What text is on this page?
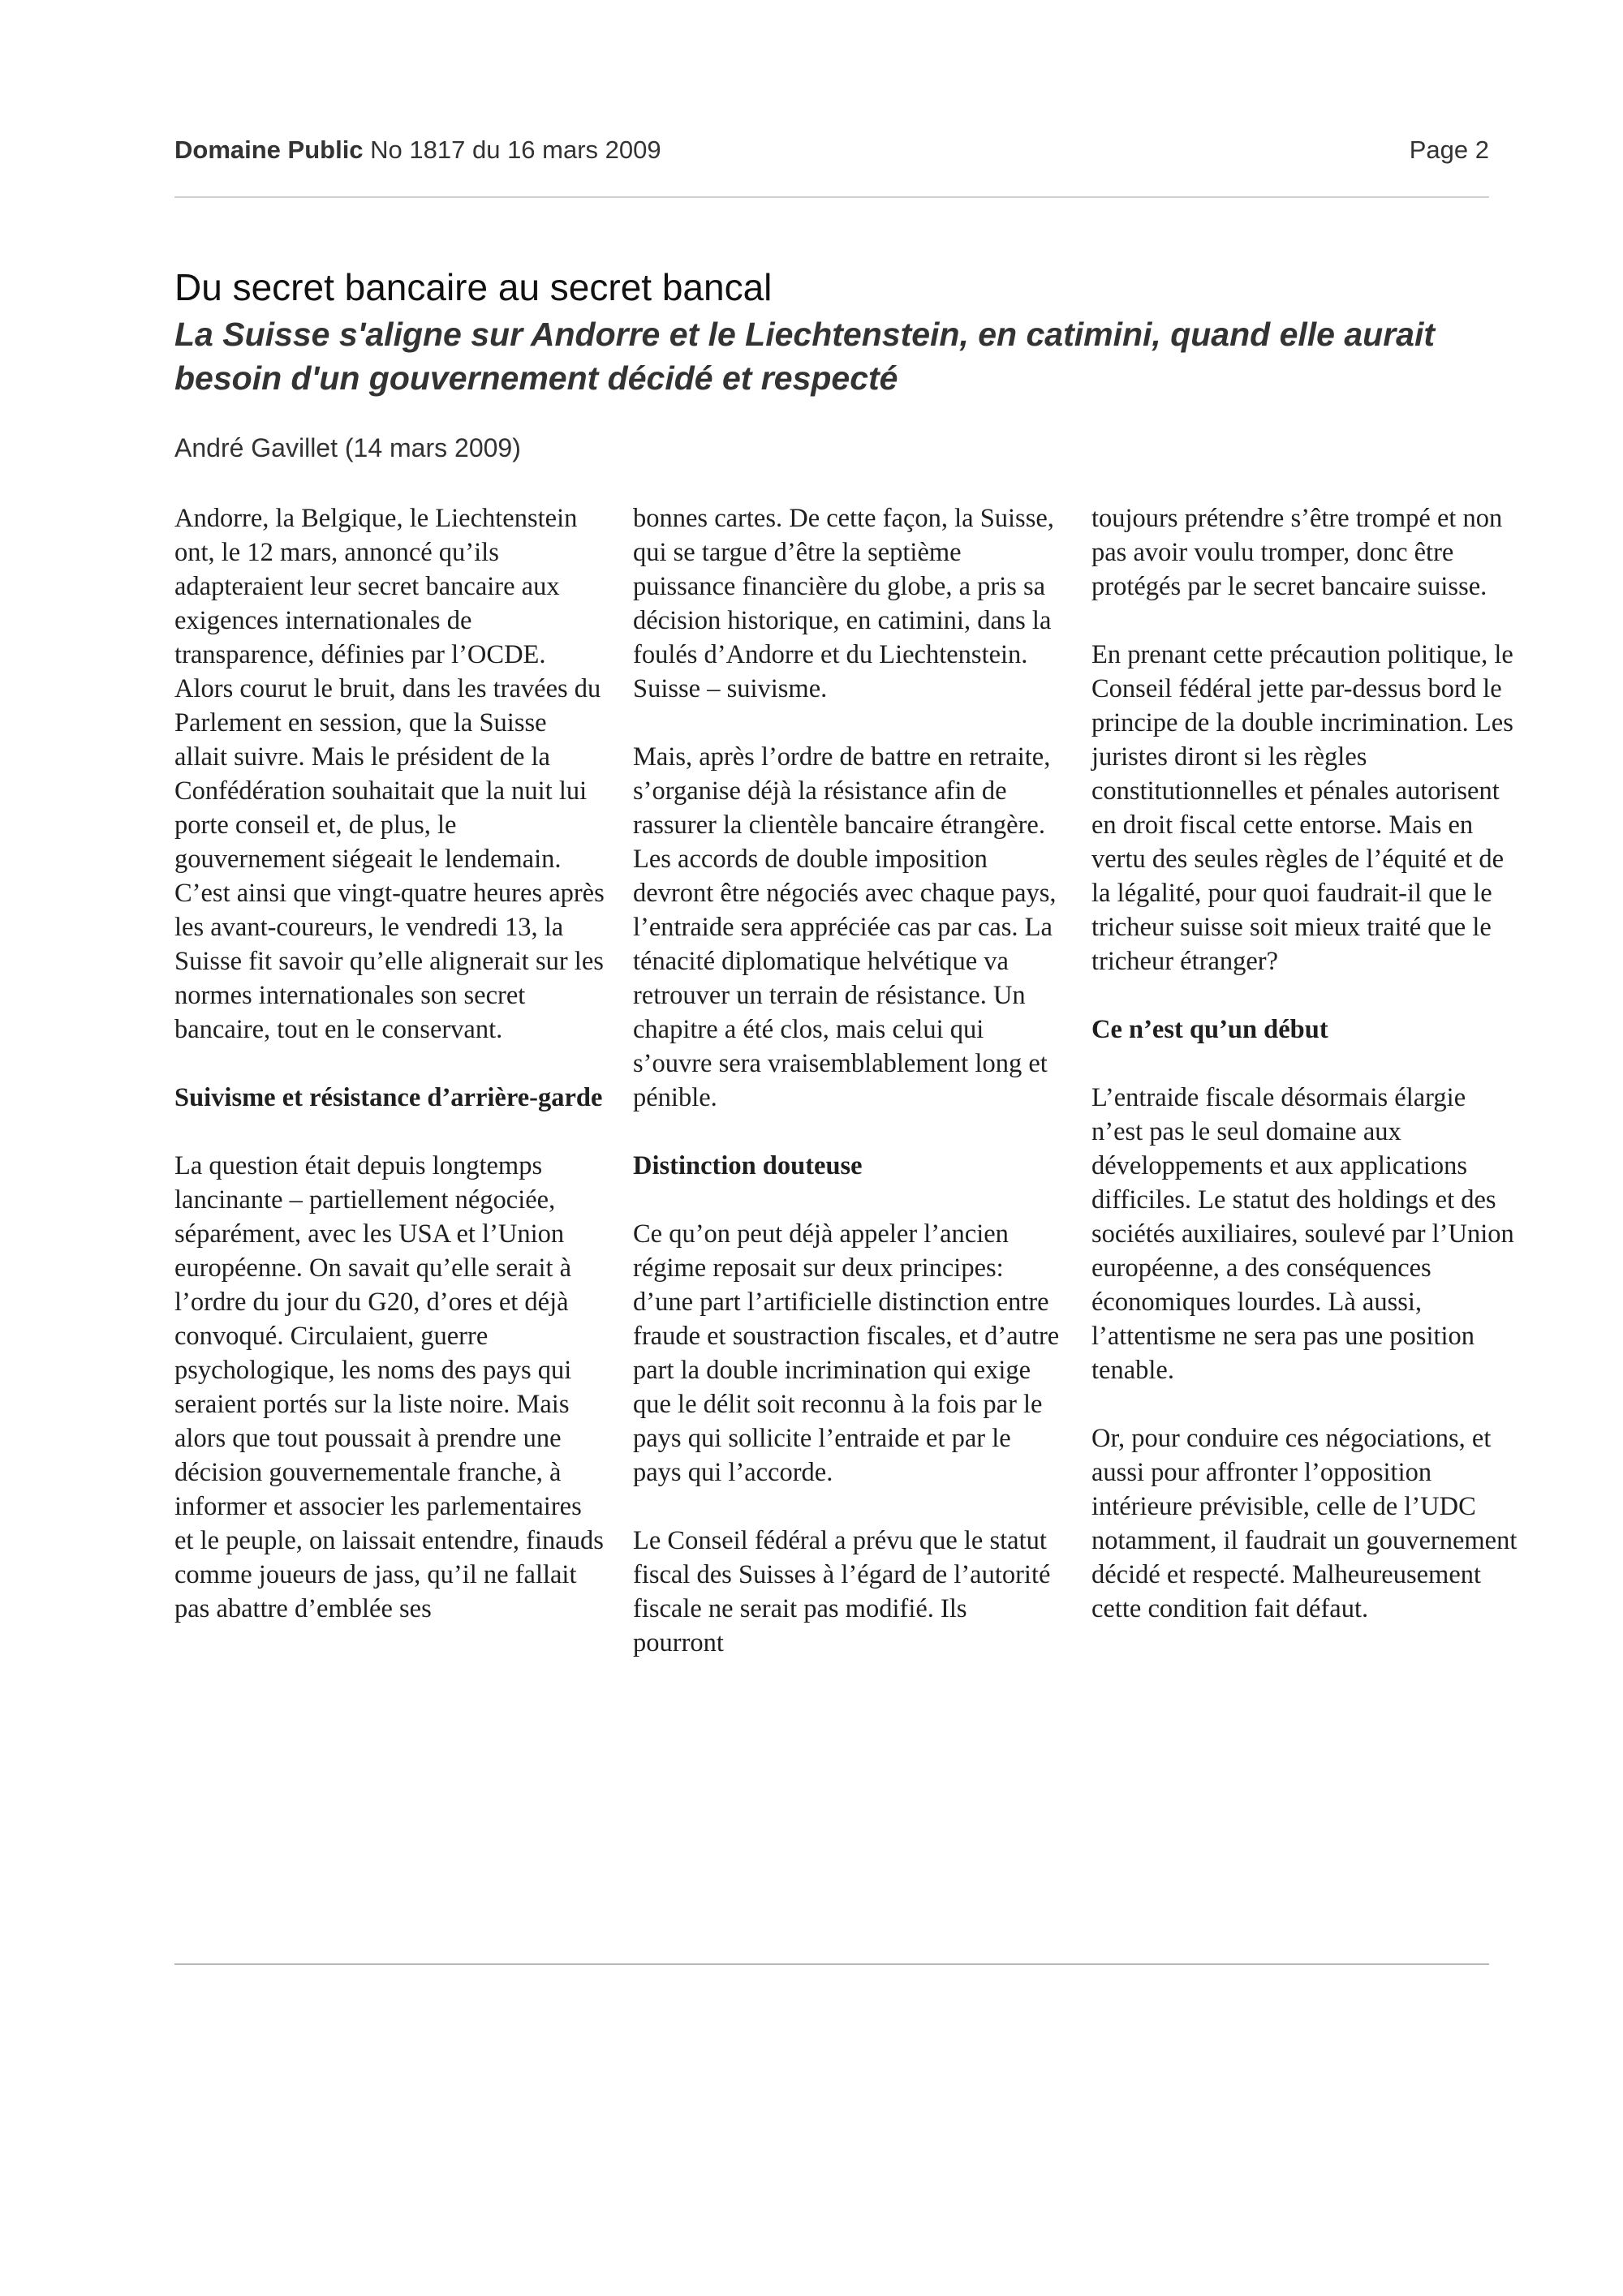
Domaine Public No 1817 du 16 mars 2009	Page 2
Du secret bancaire au secret bancal
La Suisse s'aligne sur Andorre et le Liechtenstein, en catimini, quand elle aurait besoin d'un gouvernement décidé et respecté

André Gavillet (14 mars 2009)

Andorre, la Belgique, le Liechtenstein ont, le 12 mars, annoncé qu’ils adapteraient leur secret bancaire aux exigences internationales de transparence, définies par l’OCDE. Alors courut le bruit, dans les travées du Parlement en session, que la Suisse allait suivre. Mais le président de la Confédération souhaitait que la nuit lui porte conseil et, de plus, le gouvernement siégeait le lendemain. C’est ainsi que vingt-quatre heures après les avant-coureurs, le vendredi 13, la Suisse fit savoir qu’elle alignerait sur les normes internationales son secret bancaire, tout en le conservant.

Suivisme et résistance d’arrière-garde

La question était depuis longtemps lancinante – partiellement négociée, séparément, avec les USA et l’Union européenne. On savait qu’elle serait à l’ordre du jour du G20, d’ores et déjà convoqué. Circulaient, guerre psychologique, les noms des pays qui seraient portés sur la liste noire. Mais alors que tout poussait à prendre une décision gouvernementale franche, à informer et associer les parlementaires et le peuple, on laissait entendre, finauds comme joueurs de jass, qu’il ne fallait pas abattre d’emblée ses

bonnes cartes. De cette façon, la Suisse, qui se targue d’être la septième puissance financière du globe, a pris sa décision historique, en catimini, dans la foulés d’Andorre et du Liechtenstein. Suisse – suivisme.

Mais, après l’ordre de battre en retraite, s’organise déjà la résistance afin de rassurer la clientèle bancaire étrangère. Les accords de double imposition devront être négociés avec chaque pays, l’entraide sera appréciée cas par cas. La ténacité diplomatique helvétique va retrouver un terrain de résistance. Un chapitre a été clos, mais celui qui s’ouvre sera vraisemblablement long et pénible.

Distinction douteuse

Ce qu’on peut déjà appeler l’ancien régime reposait sur deux principes: d’une part l’artificielle distinction entre fraude et soustraction fiscales, et d’autre part la double incrimination qui exige que le délit soit reconnu à la fois par le pays qui sollicite l’entraide et par le pays qui l’accorde.

Le Conseil fédéral a prévu que le statut fiscal des Suisses à l’égard de l’autorité fiscale ne serait pas modifié. Ils pourront

toujours prétendre s’être trompé et non pas avoir voulu tromper, donc être protégés par le secret bancaire suisse.

En prenant cette précaution politique, le Conseil fédéral jette par-dessus bord le principe de la double incrimination. Les juristes diront si les règles constitutionnelles et pénales autorisent en droit fiscal cette entorse. Mais en vertu des seules règles de l’équité et de la légalité, pour quoi faudrait-il que le tricheur suisse soit mieux traité que le tricheur étranger?

Ce n’est qu’un début

L’entraide fiscale désormais élargie n’est pas le seul domaine aux développements et aux applications difficiles. Le statut des holdings et des sociétés auxiliaires, soulevé par l’Union européenne, a des conséquences économiques lourdes. Là aussi, l’attentisme ne sera pas une position tenable.

Or, pour conduire ces négociations, et aussi pour affronter l’opposition intérieure prévisible, celle de l’UDC notamment, il faudrait un gouvernement décidé et respecté. Malheureusement cette condition fait défaut.
